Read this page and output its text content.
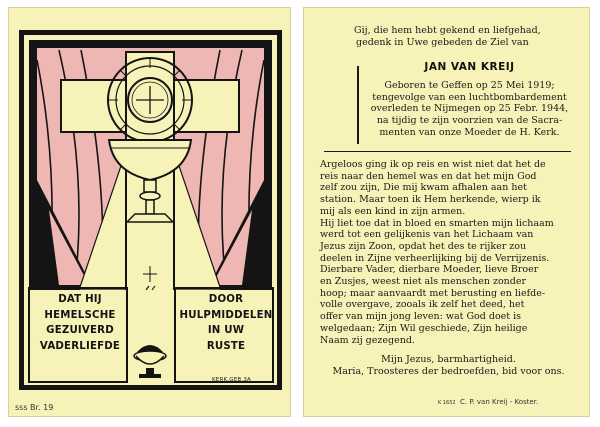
DAT HIJ
HEMELSCHE
GEZUIVERD
VADERLIEFDE
DOOR
HULPMIDDELEN
IN UW
RUSTE
KERK.GEB.3A
sss Br. 19
Gij, die hem hebt gekend en liefgehad,
gedenk in Uwe gebeden de Ziel van
JAN VAN KREIJ
Geboren te Geffen op 25 Mei 1919;
tengevolge van een luchtbombardement
overleden te Nijmegen op 25 Febr. 1944,
na tijdig te zijn voorzien van de Sacra-
menten van onze Moeder de H. Kerk.
Argeloos ging ik op reis en wist niet dat het de
reis naar den hemel was en dat het mijn God
zelf zou zijn, Die mij kwam afhalen aan het
station. Maar toen ik Hem herkende, wierp ik
mij als een kind in zijn armen.
Hij liet toe dat in bloed en smarten mijn lichaam
werd tot een gelijkenis van het Lichaam van
Jezus zijn Zoon, opdat het des te rijker zou
deelen in Zijne verheerlijking bij de Verrijzenis.
Dierbare Vader, dierbare Moeder, lieve Broer
en Zusjes, weest niet als menschen zonder
hoop; maar aanvaardt met berusting en liefde-
volle overgave, zooals ik zelf het deed, het
offer van mijn jong leven: wat God doet is
welgedaan; Zijn Wil geschiede, Zijn heilige
Naam zij gezegend.
Mijn Jezus, barmhartigheid.
Maria, Troosteres der bedroefden, bid voor ons.
K 1652 C. P. van Kreij - Koster.
